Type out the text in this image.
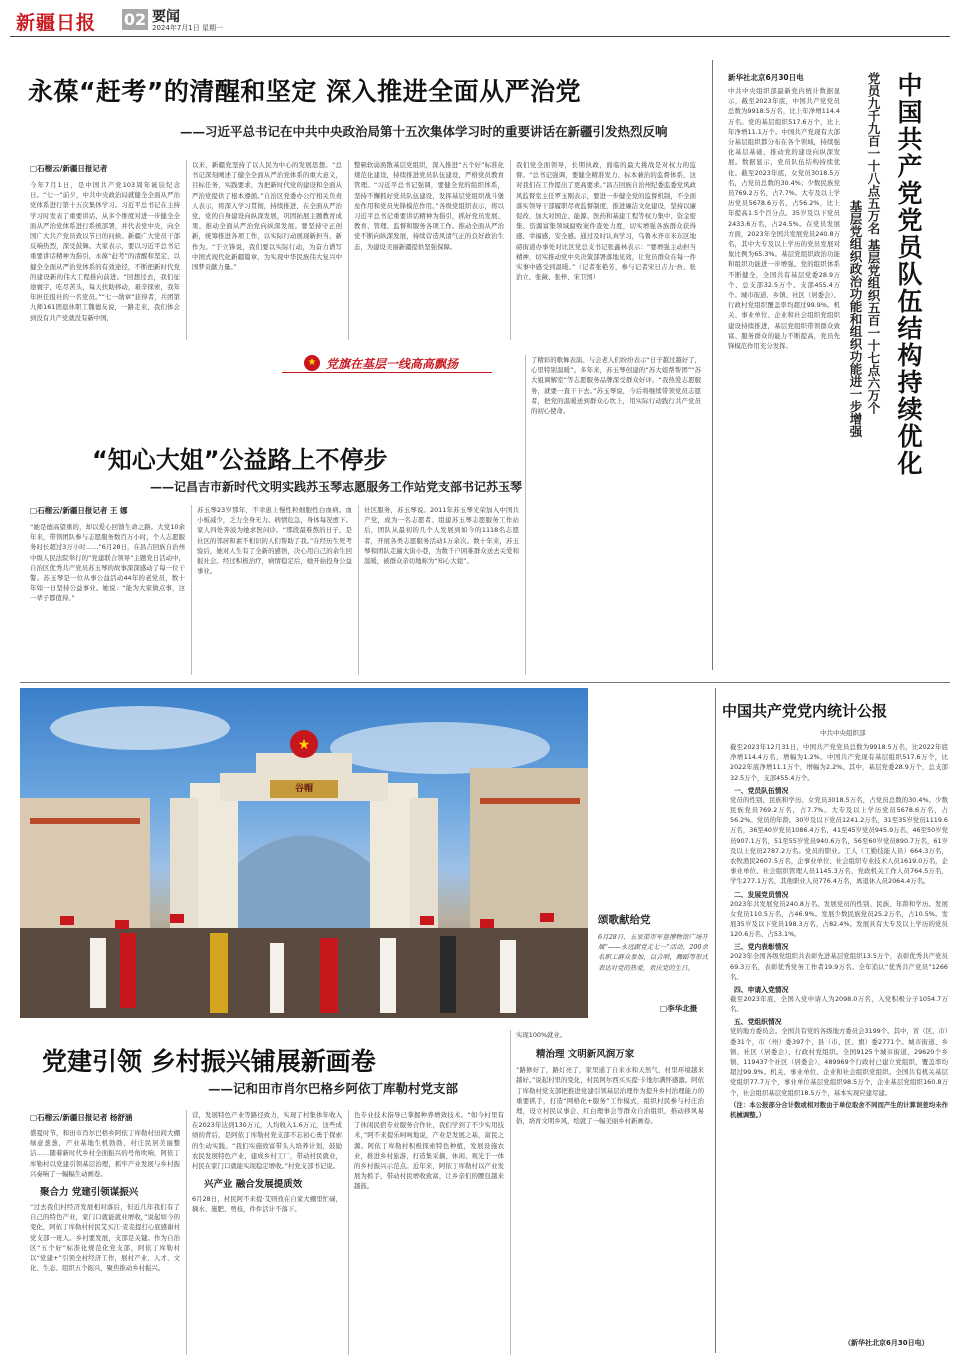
新疆日报 02 要闻
2024年7月1日 星期一
永葆“赶考”的清醒和坚定 深入推进全面从严治党
——习近平总书记在中共中央政治局第十五次集体学习时的重要讲话在新疆引发热烈反响
□石榴云/新疆日报记者
今年7月1日，是中国共产党103周年诞辰纪念日。“七一”前夕，中共中央政治局就健全全面从严治党体系进行第十五次集体学习。习近平总书记在主持学习时发表了重要讲话，从多个维度对进一步健全全面从严治党体系进行系统部署，并代表党中央，向全国广大共产党员致以节日的问候。新疆广大党员干部反响热烈，深受鼓舞。大家表示，要以习近平总书记重要讲话精神为指引，永葆“赶考”的清醒和坚定，以健全全面从严治党体系的有效途径，不断把新时代党的建设新的伟大工程推向前进。“回想过去，我们征途寰宇，吃尽苦头，每天扶助移动，艰辛探索，我年年担任报社的一名党员。”“七一勋章”获得者，兵团第九师161团退休职工魏德友说，一路走来，我们体会到没有共产党就没有新中国，
以来，新疆党坚持了以人民为中心的发展思想。“总书记深刻阐述了健全全面从严治党体系的重大意义，目标任务，实践要求，为把新时代党的建设和全面从严治党提供了根本遵循。”自治区党委办公厅相关负责人表示，将深入学习贯彻，持续推进，在全面从严治党，党的自身建设向纵深发展，巩固拓展主题教育成果，推动全面从严治党向纵深发展。要坚持守正创新，统筹推进各项工作，以实际行动展现新担当、新作为。“于立锋说，我们要以实际行动，为奋力谱写中国式现代化新疆篇章，为实现中华民族伟大复兴中国梦贡献力量。”
整顿软弱涣散基层党组织，深入推进“五个好”标准化规范化建设，持续推进党员队伍建设，严格党员教育管理。“习近平总书记强调，要健全党的组织体系，坚持不懈抓好党员队伍建设，发挥基层党组织战斗堡垒作用和党员先锋模范作用。”各级党组织表示，将以习近平总书记重要讲话精神为指引，抓好党员发展、教育、管理、监督和服务各项工作。推动全面从严治党不断向纵深发展，持续营造风清气正的良好政治生态，为建设美丽新疆提供坚强保障。
我们党全面领导，长期执政，面临的最大挑战是对权力的监督。“总书记强调，要健全精准发力、标本兼治的监督体系，这对我们在工作提出了更高要求。”昌吉回族自治州纪委监委党风政风监督室主任罗玉刚表示，要进一步健全党的监督机制，不全面落实领导干部履职尽责监督制度，推进廉洁文化建设，坚持以廉促改，加大对国企、能源、医药和基建工程等权力集中、资金密集、资源富集领域腐败案件查处力度，切实增强各族群众获得感、幸福感、安全感。通过及时认真学习，乌鲁木齐市米东区地磅街道办事处对比区党总支书记张鑫林表示：“要增强主动担当精神，切实推动党中央决策部署落地见效，让党员群众在每一件实事中感受到温暖。”（记者张艳芳，参与记者宋日吉力·吾、张治立、张薇、张梓、宋卫国）	中国共产党党员队伍结构持续优化
党员九千九百一十八点五万名 基层党组织五百一十七点六万个
基层党组织政治功能和组织功能进一步增强
新华社北京6月30日电
中共中央组织部最新党内统计数据显示，截至2023年底，中国共产党党员总数为9918.5万名，比上年净增114.4万名。党的基层组织517.6万个，比上年净增11.1万个。中国共产党现有大部分基层组织都分布在各个领域，持续强化基层基础，推动党的建设向纵深发展。数据显示，党员队伍结构持续优化。截至2023年底，女党员3018.5万名，占党员总数的30.4%；少数民族党员769.2万名，占7.7%。大专及以上学历党员5678.6万名，占56.2%，比上年提高1.5个百分点。35岁及以下党员2433.6万名，占24.5%。在党员发展方面，2023年全国共发展党员240.8万名，其中大专及以上学历的党员发展对象比例为65.3%。基层党组织政治功能和组织功能进一步增强。党的组织体系不断健全，全国共有基层党委28.9万个、总支部32.5万个、支部455.4万个。城市街道、乡镇、社区（居委会）、行政村党组织覆盖率均超过99.9%。机关、事业单位、企业和社会组织党组织建设持续推进，基层党组织带领群众致富、服务群众的能力不断提高，党员先锋模范作用充分发挥。
★ 党旗在基层一线高高飘扬
“知心大姐”公益路上不停步
——记昌吉市新时代文明实践苏玉琴志愿服务工作站党支部书记苏玉琴
□石榴云/新疆日报记者 王 娜
“她是德高望重的，却以爱心回馈生命之路。大党10余年来，带领团队参与志愿服务数百万小时，个人志愿服务时长超过3万小时……”6月28日，在昌吉回族自治州中级人民法院举行的“党建联合领导”主题党日活动中，自治区优秀共产党员苏玉琴的故事深深感动了每一位干警。苏玉琴是一位从事公益活动44年的老党员，数十年如一日坚持公益事业。她说：“能为大家做点事，这一辈子都值得。”
苏玉琴23岁那年，不幸患上慢性粒细胞性白血病。血小板减少，乏力全身无力。病情危急，身体每况愈下。家人四处奔波为她求医问诊。“那段最难熬的日子，是社区的邻居和素不相识的人们帮助了我。”在经历生死考验后，她对人生有了全新的感悟，决心用自己的余生回报社会。经过积极治疗，病情稳定后，她开始投身公益事业。
社区服务，苏玉琴说。2011年苏玉琴光荣加入中国共产党，成为一名志愿者。组建苏玉琴志愿服务工作站后，团队从最初的几个人发展到如今的1118名志愿者，开展各类志愿服务活动1万余次。数十年来，苏玉琴和团队走遍大街小巷，为数千户困难群众送去关爱和温暖，被群众亲切地称为“知心大姐”。
了精彩的歌舞表演。与会老人们纷纷表示“日子越过越好了，心里特别温暖”。多年来，苏玉琴创建的“苏大姐帮帮团”“苏大姐调解室”等志愿服务品牌深受群众好评。“我热爱志愿服务，就要一直干下去。”苏玉琴说，今后将继续带领党员志愿者，把党的温暖送到群众心坎上，用实际行动践行共产党员的初心使命。
★
谷帽
颂歌献给党
6月28日，五家渠市军垦博物馆广场开展“——永远跟党走七一”活动，200余名职工群众参加，以合唱、舞蹈等形式表达对党的热爱，欢庆党的生日。
□李华北摄
中国共产党党内统计公报
中共中央组织部
截至2023年12月31日，中国共产党党员总数为9918.5万名，比2022年底净增114.4万名，增幅为1.2%。中国共产党现有基层组织517.6万个，比2022年底净增11.1万个，增幅为2.2%。其中，基层党委28.9万个，总支部32.5万个，支部455.4万个。
一、党员队伍情况
党员的性别、民族和学历。女党员3018.5万名，占党员总数的30.4%。少数民族党员769.2万名，占7.7%。大专及以上学历党员5678.6万名，占56.2%。党员的年龄。30岁及以下党员1241.2万名，31至35岁党员1119.6万名，36至40岁党员1086.4万名，41至45岁党员945.9万名，46至50岁党员907.1万名，51至55岁党员940.6万名，56至60岁党员890.7万名，61岁及以上党员2787.2万名。党员的职业。工人（工勤技能人员）664.3万名，农牧渔民2607.5万名，企事业单位、社会组织专业技术人员1619.0万名，企事业单位、社会组织管理人员1145.3万名，党政机关工作人员764.5万名，学生277.1万名，其他职业人员776.4万名，离退休人员2064.4万名。
二、发展党员情况
2023年共发展党员240.8万名。发展党员的性别、民族、年龄和学历。发展女党员110.5万名，占46.9%。发展少数民族党员25.2万名，占10.5%。发展35岁及以下党员198.3万名，占82.4%。发展具有大专及以上学历的党员120.6万名，占53.1%。
三、党内表彰情况
2023年全国各级党组织共表彰先进基层党组织13.5万个，表彰优秀共产党员69.3万名，表彰优秀党务工作者19.9万名。全年追认“优秀共产党员”1266名。
四、申请入党情况
截至2023年底，全国入党申请人为2098.0万名，入党积极分子1054.7万名。
五、党组织情况
党的地方委员会。全国共有党的各级地方委员会3199个。其中，省（区、市）委31个，市（州）委397个，县（市、区、旗）委2771个。城市街道、乡镇、社区（居委会）、行政村党组织。全国9125个城市街道、29620个乡镇、119437个社区（居委会）、489969个行政村已建立党组织，覆盖率均超过99.9%。机关、事业单位、企业和社会组织党组织。全国共有机关基层党组织77.7万个，事业单位基层党组织98.5万个，企业基层党组织160.8万个，社会组织基层党组织18.5万个，基本实现应建尽建。
（注：本公报部分合计数或相对数由于单位取舍不同而产生的计算误差均未作机械调整。）
（新华社北京6月30日电）
党建引领 乡村振兴铺展新画卷
——记和田市肖尔巴格乡阿依丁库勒村党支部
□石榴云/新疆日报记者 杨舒涵
盛夏时节，和田市肖尔巴格乡阿依丁库勒村田间大棚绿意葱葱，产业基地生机勃勃，村庄民居美丽整洁……随着新时代乡村全面振兴的号角吹响，阿依丁库勒村以党建引领基层治理，抓牢产业发展与乡村振兴奏响了一幅幅生动画卷。
聚合力 党建引领谋振兴
“过去我们村经济发展相对落后，但近几年我们有了自己的特色产业，家门口就能就业增收，”说起如今的变化，阿依丁库勒村村民艾买江·麦麦提打心底感谢村党支部一班人。乡村要发展，支部是关键。作为自治区“五个好”标准化规范化党支部，阿依丁库勒村以“党建+”引领全村经济工作，展村产业、人才、文化、生态、组织五个振兴，聚焦推动乡村振兴。
营，发展特色产业等路径致力，实现了村集体年收入在2023年达到130万元，人均收入1.6万元，这些成绩的背后，是阿依丁库勒村党支部不忘初心勇于探索的生动实践。“我们实施致富带头人培养计划，鼓励农民发展特色产业，建成乡村工厂，带动村民就业，村民在家门口就能实现稳定增收。”村党支部书记说。
兴产业 融合发展提质效
6月28日，村民阿不来提·艾则孜在自家大棚里忙碌，摘水、施肥、剪枝，件件活计不落下。
色专业技术指导已掌握种养增效技术。“如今村里有了休闲民宿专业服务合作社，我们学到了不少实用技术，”阿不来提乐呵呵地说，产业是发展之基，富民之源。阿依丁库勒村积极探索特色种植，发展设施农业，推进乡村旅游，打造集采摘、休闲、观光于一体的乡村振兴示范点。近年来，阿依丁库勒村以产业发展为抓手，带动村民增收致富，让乡亲们的腰包越来越鼓。
实现100%就业。
精治理 文明新风润万家
“路修好了，路灯亮了，家里通了自来水和天然气，村里环境越来越好。”说起村里的变化，村民阿尔西买买提·卡地尔满怀感激。阿依丁库勒村党支部把推进党建引领基层治理作为提升乡村治理能力的重要抓手，打造“网格化+服务”工作模式，组织村民参与村庄治理，设立村民议事会、红白理事会等群众自治组织，推动移风易俗，培育文明乡风，绘就了一幅美丽乡村新画卷。
